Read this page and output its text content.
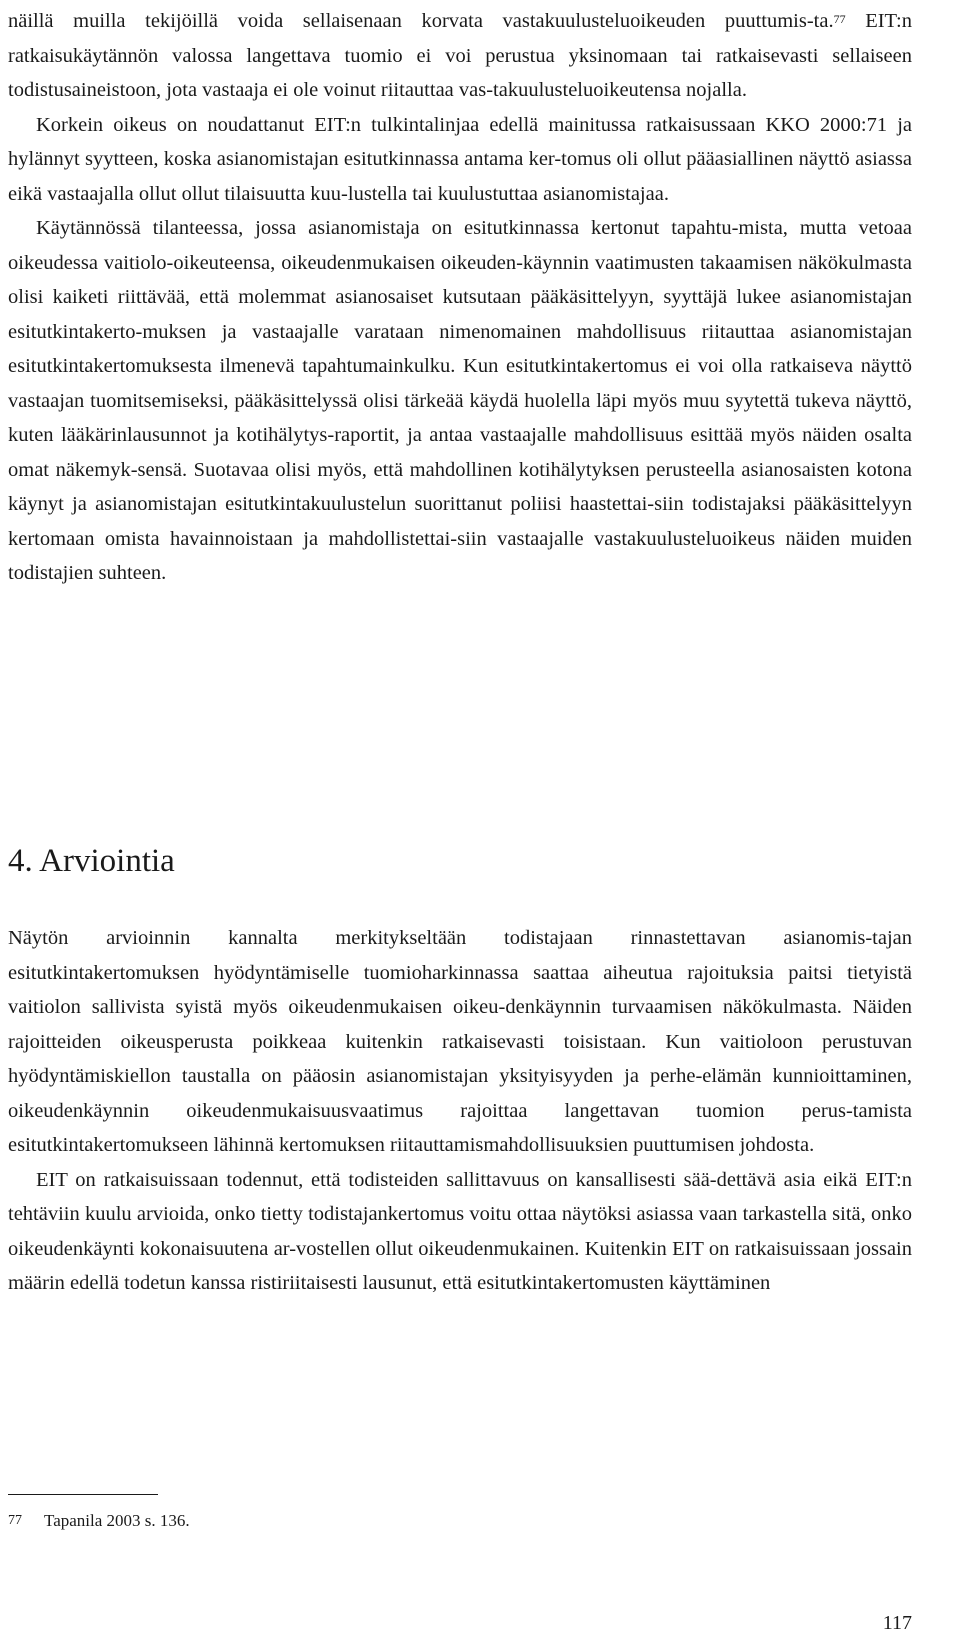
näillä muilla tekijöillä voida sellaisenaan korvata vastakuulusteluoikeuden puuttumis-ta.$^{77}$ EIT:n ratkaisukäytännön valossa langettava tuomio ei voi perustua yksinomaan tai ratkaisevasti sellaiseen todistusaineistoon, jota vastaaja ei ole voinut riitauttaa vas-takuulusteluoikeutensa nojalla.

Korkein oikeus on noudattanut EIT:n tulkintalinjaa edellä mainitussa ratkaisussaan KKO 2000:71 ja hylännyt syytteen, koska asianomistajan esitutkinnassa antama ker-tomus oli ollut pääasiallinen näyttö asiassa eikä vastaajalla ollut ollut tilaisuutta kuu-lustella tai kuulustuttaa asianomistajaa.

Käytännössä tilanteessa, jossa asianomistaja on esitutkinnassa kertonut tapahtu-mista, mutta vetoaa oikeudessa vaitiolo-oikeuteensa, oikeudenmukaisen oikeuden-käynnin vaatimusten takaamisen näkökulmasta olisi kaiketi riittävää, että molemmat asianosaiset kutsutaan pääkäsittelyyn, syyttäjä lukee asianomistajan esitutkintakerto-muksen ja vastaajalle varataan nimenomainen mahdollisuus riitauttaa asianomistajan esitutkintakertomuksesta ilmenevä tapahtumainkulku. Kun esitutkintakertomus ei voi olla ratkaiseva näyttö vastaajan tuomitsemiseksi, pääkäsittelyssä olisi tärkeää käydä huolella läpi myös muu syytettä tukeva näyttö, kuten lääkärinlausunnot ja kotihälytys-raportit, ja antaa vastaajalle mahdollisuus esittää myös näiden osalta omat näkemyk-sensä. Suotavaa olisi myös, että mahdollinen kotihälytyksen perusteella asianosaisten kotona käynyt ja asianomistajan esitutkintakuulustelun suorittanut poliisi haastettai-siin todistajaksi pääkäsittelyyn kertomaan omista havainnoistaan ja mahdollistettai-siin vastaajalle vastakuulusteluoikeus näiden muiden todistajien suhteen.

4. Arviointia

Näytön arvioinnin kannalta merkitykseltään todistajaan rinnastettavan asianomis-tajan esitutkintakertomuksen hyödyntämiselle tuomioharkinnassa saattaa aiheutua rajoituksia paitsi tietyistä vaitiolon sallivista syistä myös oikeudenmukaisen oikeu-denkäynnin turvaamisen näkökulmasta. Näiden rajoitteiden oikeusperusta poikkeaa kuitenkin ratkaisevasti toisistaan. Kun vaitioloon perustuvan hyödyntämiskiellon taustalla on pääosin asianomistajan yksityisyyden ja perhe-elämän kunnioittaminen, oikeudenkäynnin oikeudenmukaisuusvaatimus rajoittaa langettavan tuomion perus-tamista esitutkintakertomukseen lähinnä kertomuksen riitauttamismahdollisuuksien puuttumisen johdosta.

EIT on ratkaisuissaan todennut, että todisteiden sallittavuus on kansallisesti sää-dettävä asia eikä EIT:n tehtäviin kuulu arvioida, onko tietty todistajankertomus voitu ottaa näytöksi asiassa vaan tarkastella sitä, onko oikeudenkäynti kokonaisuutena ar-vostellen ollut oikeudenmukainen. Kuitenkin EIT on ratkaisuissaan jossain määrin edellä todetun kanssa ristiriitaisesti lausunut, että esitutkintakertomusten käyttäminen

77 Tapanila 2003 s. 136.
117
